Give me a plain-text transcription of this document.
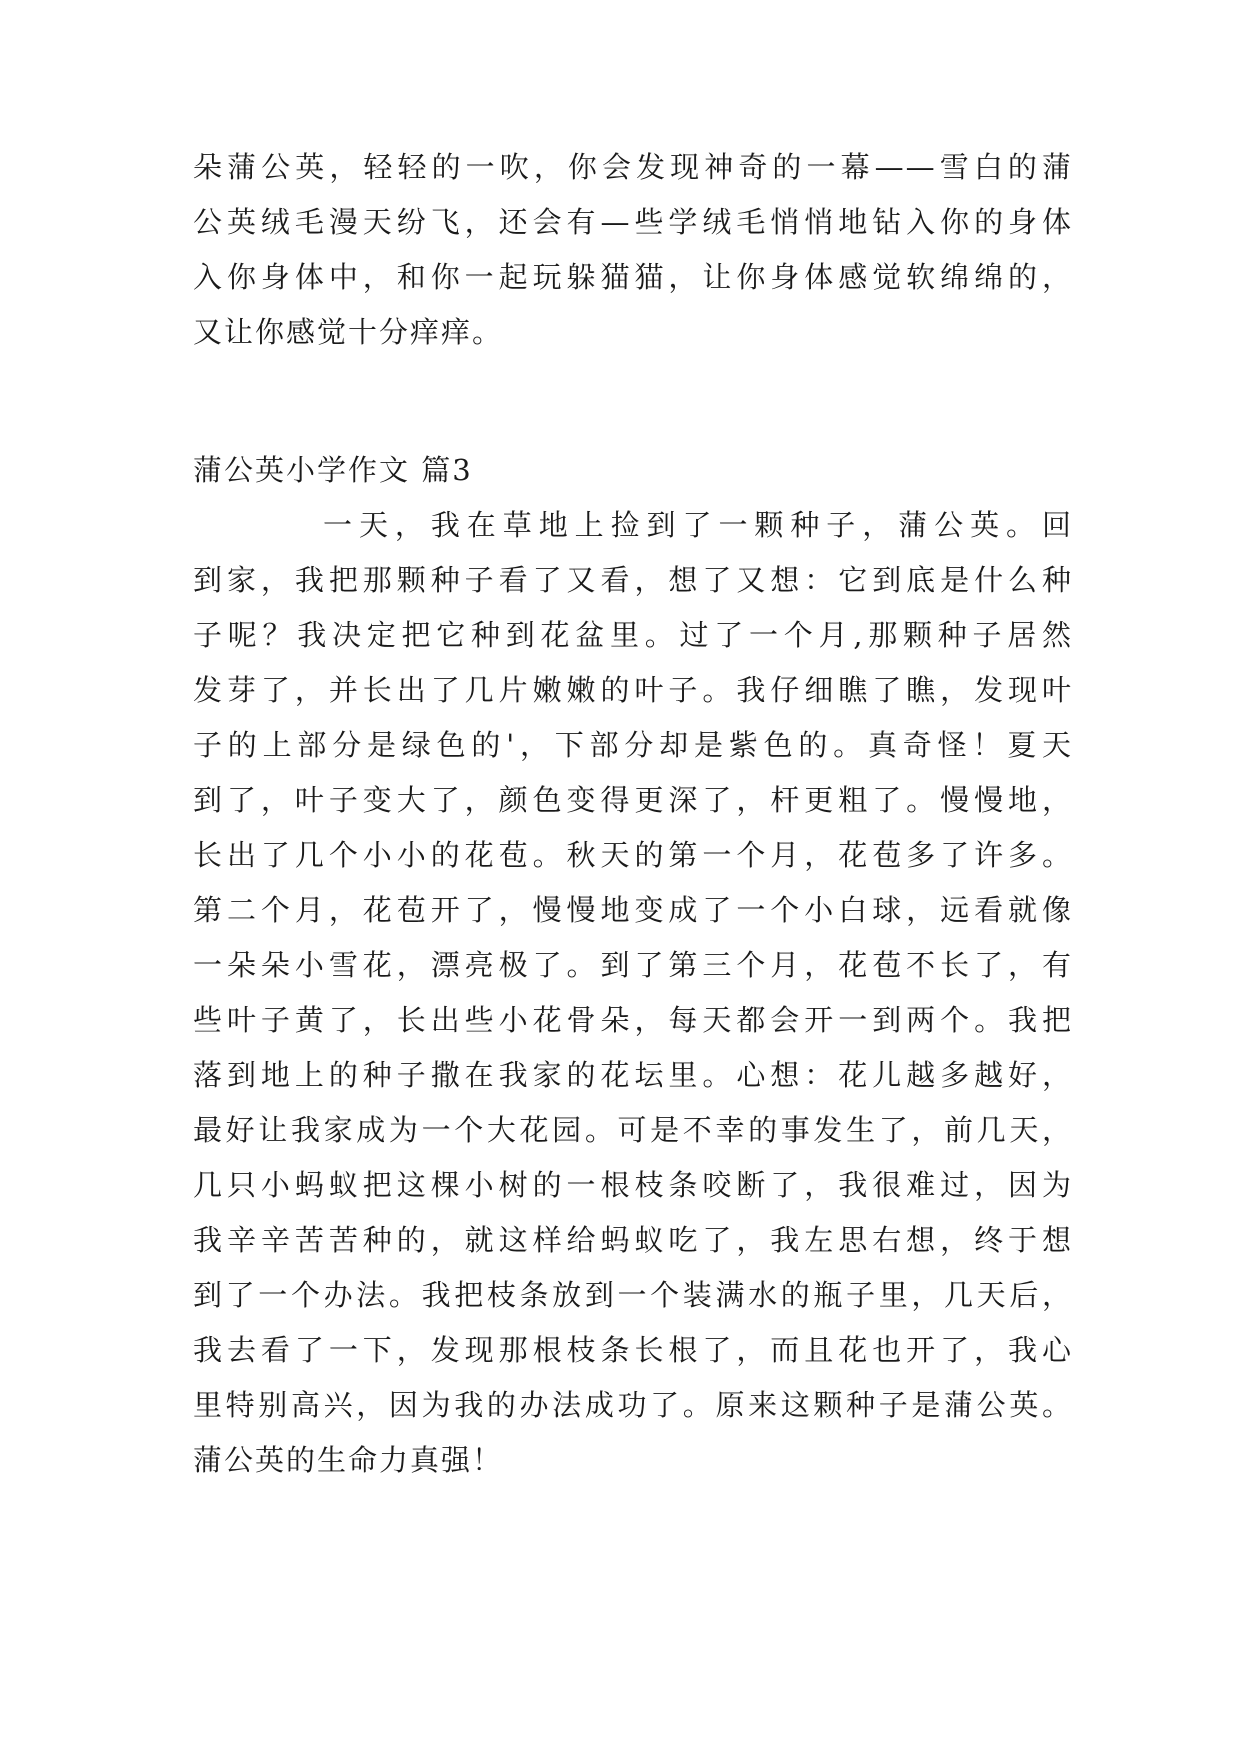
朵蒲公英，轻轻的一吹，你会发现神奇的一幕——雪白的蒲
公英绒毛漫天纷飞，还会有—些学绒毛悄悄地钻入你的身体
入你身体中，和你一起玩躲猫猫，让你身体感觉软绵绵的，
又让你感觉十分痒痒。
蒲公英小学作文 篇3
一天，我在草地上捡到了一颗种子，蒲公英。回
到家，我把那颗种子看了又看，想了又想：它到底是什么种
子呢？我决定把它种到花盆里。过了一个月,那颗种子居然
发芽了，并长出了几片嫩嫩的叶子。我仔细瞧了瞧，发现叶
子的上部分是绿色的'，下部分却是紫色的。真奇怪！夏天
到了，叶子变大了，颜色变得更深了，杆更粗了。慢慢地，
长出了几个小小的花苞。秋天的第一个月，花苞多了许多。
第二个月，花苞开了，慢慢地变成了一个小白球，远看就像
一朵朵小雪花，漂亮极了。到了第三个月，花苞不长了，有
些叶子黄了，长出些小花骨朵，每天都会开一到两个。我把
落到地上的种子撒在我家的花坛里。心想：花儿越多越好，
最好让我家成为一个大花园。可是不幸的事发生了，前几天，
几只小蚂蚁把这棵小树的一根枝条咬断了，我很难过，因为
我辛辛苦苦种的，就这样给蚂蚁吃了，我左思右想，终于想
到了一个办法。我把枝条放到一个装满水的瓶子里，几天后，
我去看了一下，发现那根枝条长根了，而且花也开了，我心
里特别高兴，因为我的办法成功了。原来这颗种子是蒲公英。
蒲公英的生命力真强！
